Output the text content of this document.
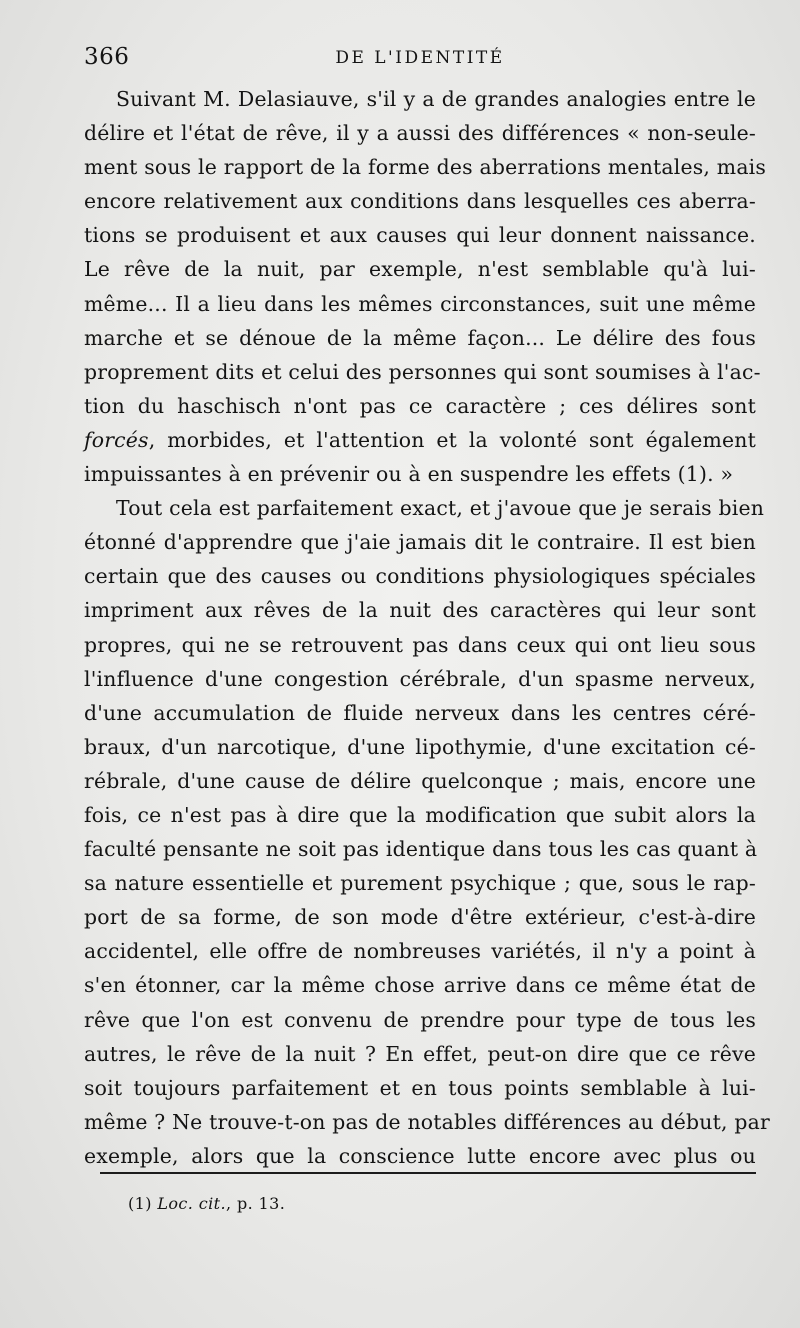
366	DE L'IDENTITÉ
Suivant M. Delasiauve, s'il y a de grandes analogies entre le
délire et l'état de rêve, il y a aussi des différences « non-seule-
ment sous le rapport de la forme des aberrations mentales, mais
encore relativement aux conditions dans lesquelles ces aberra-
tions se produisent et aux causes qui leur donnent naissance.
Le rêve de la nuit, par exemple, n'est semblable qu'à lui-
même... Il a lieu dans les mêmes circonstances, suit une même
marche et se dénoue de la même façon... Le délire des fous
proprement dits et celui des personnes qui sont soumises à l'ac-
tion du haschisch n'ont pas ce caractère ; ces délires sont
forcés, morbides, et l'attention et la volonté sont également
impuissantes à en prévenir ou à en suspendre les effets (1). »
Tout cela est parfaitement exact, et j'avoue que je serais bien
étonné d'apprendre que j'aie jamais dit le contraire. Il est bien
certain que des causes ou conditions physiologiques spéciales
impriment aux rêves de la nuit des caractères qui leur sont
propres, qui ne se retrouvent pas dans ceux qui ont lieu sous
l'influence d'une congestion cérébrale, d'un spasme nerveux,
d'une accumulation de fluide nerveux dans les centres céré-
braux, d'un narcotique, d'une lipothymie, d'une excitation cé-
rébrale, d'une cause de délire quelconque ; mais, encore une
fois, ce n'est pas à dire que la modification que subit alors la
faculté pensante ne soit pas identique dans tous les cas quant à
sa nature essentielle et purement psychique ; que, sous le rap-
port de sa forme, de son mode d'être extérieur, c'est-à-dire
accidentel, elle offre de nombreuses variétés, il n'y a point à
s'en étonner, car la même chose arrive dans ce même état de
rêve que l'on est convenu de prendre pour type de tous les
autres, le rêve de la nuit ? En effet, peut-on dire que ce rêve
soit toujours parfaitement et en tous points semblable à lui-
même ? Ne trouve-t-on pas de notables différences au début, par
exemple, alors que la conscience lutte encore avec plus ou
(1) Loc. cit., p. 13.
